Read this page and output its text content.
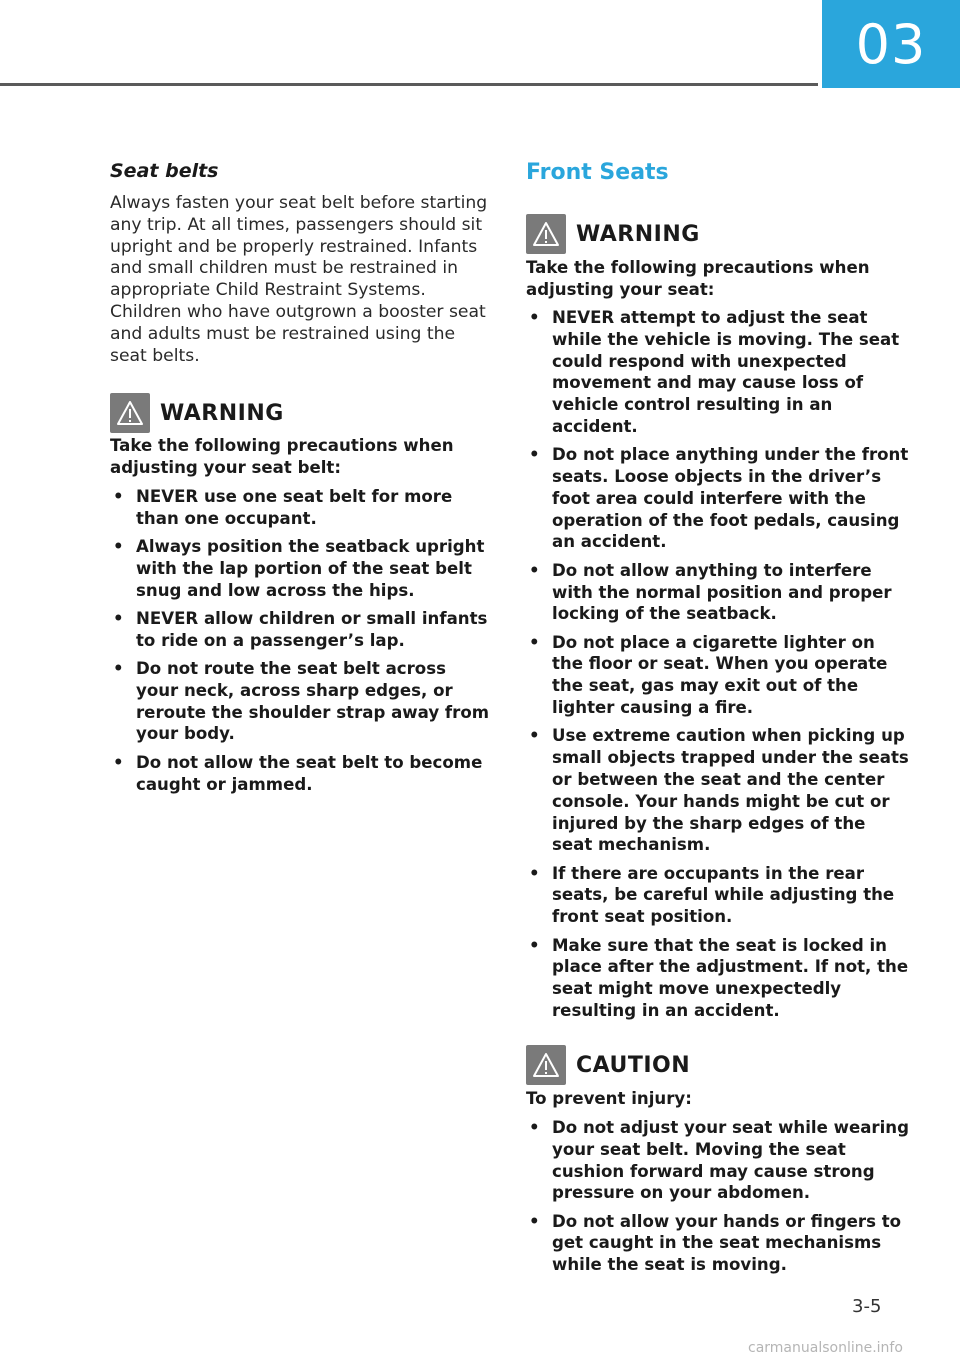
03
Seat belts

Always fasten your seat belt before starting any trip. At all times, passengers should sit upright and be properly restrained. Infants and small children must be restrained in appropriate Child Restraint Systems. Children who have outgrown a booster seat and adults must be restrained using the seat belts.

WARNING

Take the following precautions when adjusting your seat belt:

• NEVER use one seat belt for more than one occupant.
• Always position the seatback upright with the lap portion of the seat belt snug and low across the hips.
• NEVER allow children or small infants to ride on a passenger’s lap.
• Do not route the seat belt across your neck, across sharp edges, or reroute the shoulder strap away from your body.
• Do not allow the seat belt to become caught or jammed.
Front Seats
WARNING

Take the following precautions when adjusting your seat:

• NEVER attempt to adjust the seat while the vehicle is moving. The seat could respond with unexpected movement and may cause loss of vehicle control resulting in an accident.
• Do not place anything under the front seats. Loose objects in the driver’s foot area could interfere with the operation of the foot pedals, causing an accident.
• Do not allow anything to interfere with the normal position and proper locking of the seatback.
• Do not place a cigarette lighter on the floor or seat. When you operate the seat, gas may exit out of the lighter causing a fire.
• Use extreme caution when picking up small objects trapped under the seats or between the seat and the center console. Your hands might be cut or injured by the sharp edges of the seat mechanism.
• If there are occupants in the rear seats, be careful while adjusting the front seat position.
• Make sure that the seat is locked in place after the adjustment. If not, the seat might move unexpectedly resulting in an accident.
CAUTION

To prevent injury:

• Do not adjust your seat while wearing your seat belt. Moving the seat cushion forward may cause strong pressure on your abdomen.
• Do not allow your hands or fingers to get caught in the seat mechanisms while the seat is moving.
3-5
carmanualsonline.info
